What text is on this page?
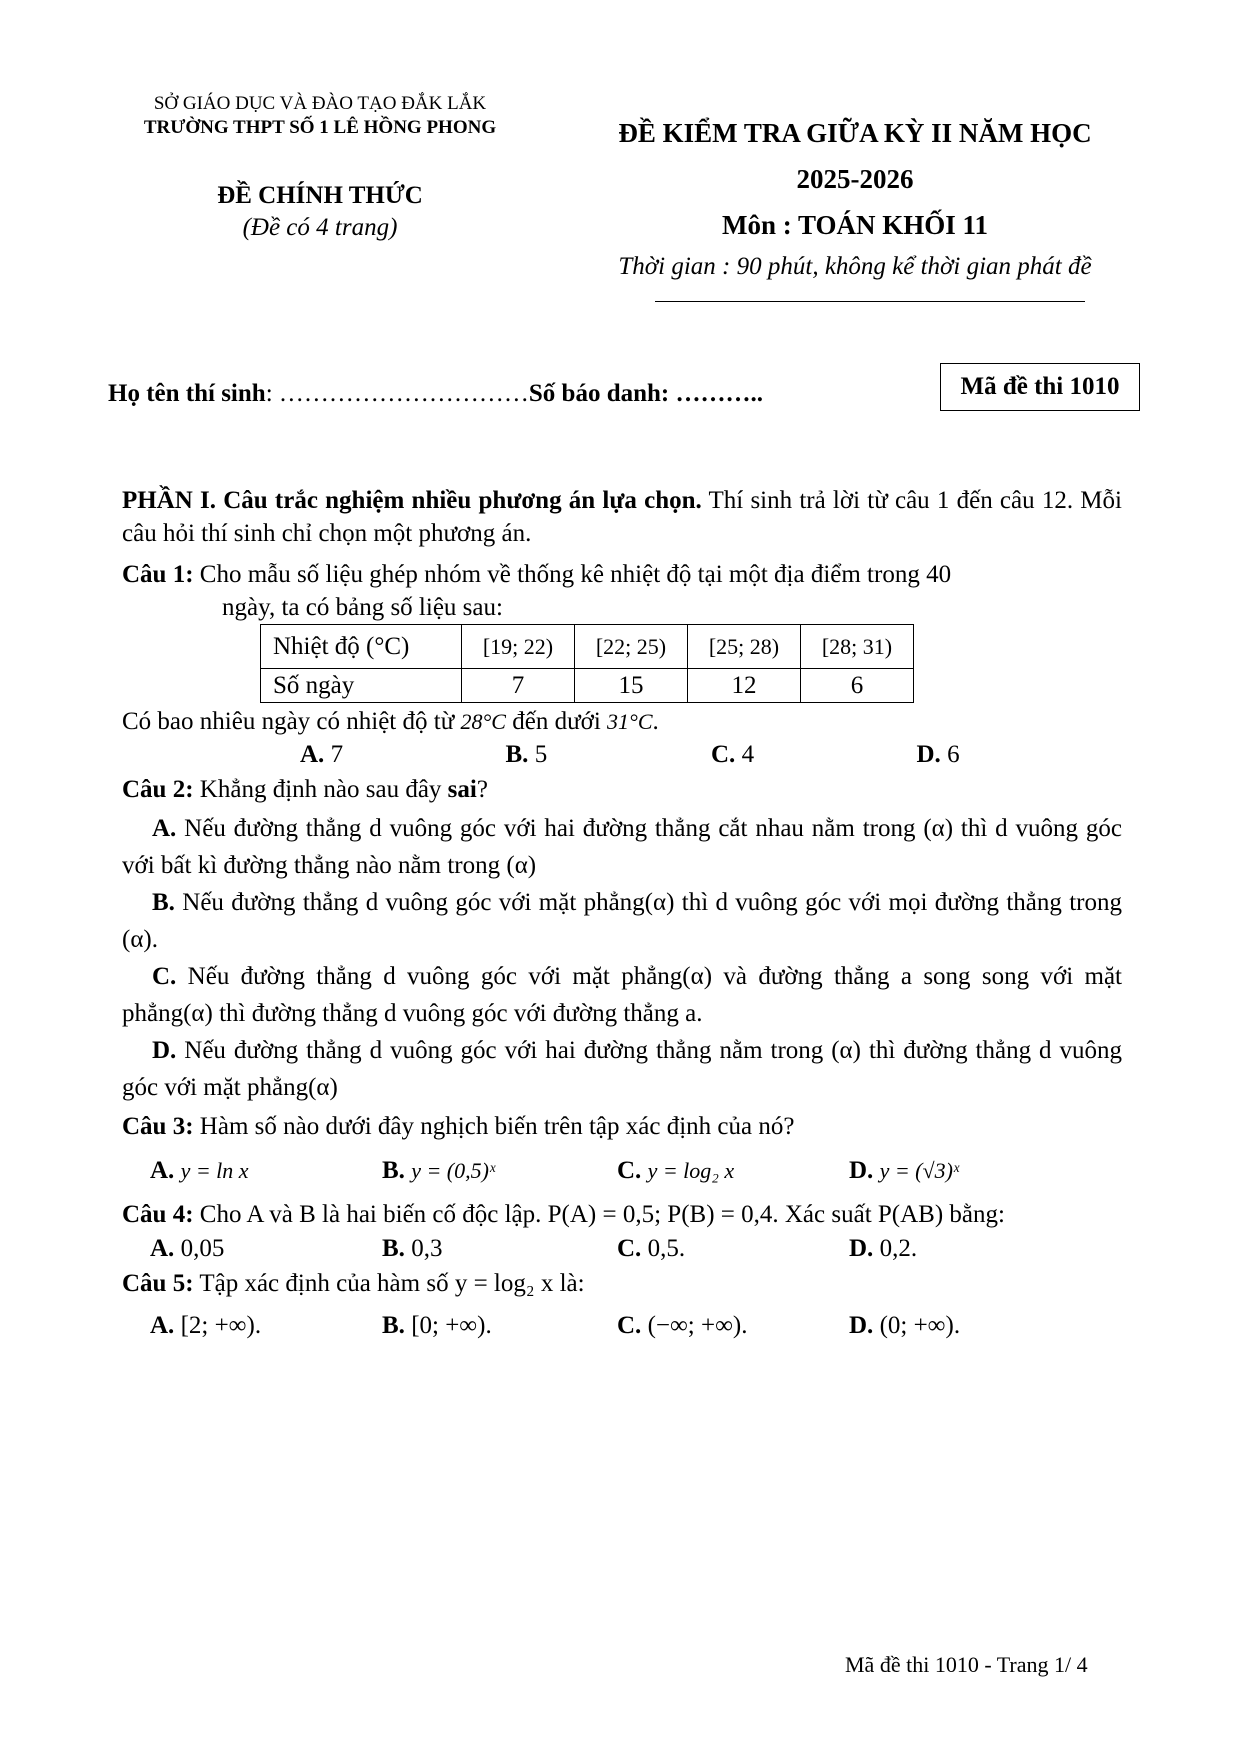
SỞ GIÁO DỤC VÀ ĐÀO TẠO ĐẮK LẮK
TRƯỜNG THPT SỐ 1 LÊ HỒNG PHONG
ĐỀ CHÍNH THỨC
(Đề có 4 trang)
ĐỀ KIỂM TRA GIỮA KỲ II NĂM HỌC
2025-2026
Môn : TOÁN KHỐI 11
Thời gian : 90 phút, không kể thời gian phát đề
Họ tên thí sinh: …………………………Số báo danh: ………..	Mã đề thi 1010

PHẦN I. Câu trắc nghiệm nhiều phương án lựa chọn. Thí sinh trả lời từ câu 1 đến câu 12. Mỗi câu hỏi thí sinh chỉ chọn một phương án.

Câu 1: Cho mẫu số liệu ghép nhóm về thống kê nhiệt độ tại một địa điểm trong 40

ngày, ta có bảng số liệu sau:

Nhiệt độ (°C)	[19; 22)	[22; 25)	[25; 28)	[28; 31)
Số ngày	7	15	12	6

Có bao nhiêu ngày có nhiệt độ từ 28°C đến dưới 31°C.

A. 7	B. 5	C. 4	D. 6

Câu 2: Khẳng định nào sau đây sai?

A. Nếu đường thẳng d vuông góc với hai đường thẳng cắt nhau nằm trong (α) thì d vuông góc với bất kì đường thẳng nào nằm trong (α)

B. Nếu đường thẳng d vuông góc với mặt phẳng(α) thì d vuông góc với mọi đường thẳng trong (α).

C. Nếu đường thẳng d vuông góc với mặt phẳng(α) và đường thẳng a song song với mặt phẳng(α) thì đường thẳng d vuông góc với đường thẳng a.

D. Nếu đường thẳng d vuông góc với hai đường thẳng nằm trong (α) thì đường thẳng d vuông góc với mặt phẳng(α)

Câu 3: Hàm số nào dưới đây nghịch biến trên tập xác định của nó?

A. y = ln x	B. y = (0,5)ˣ	C. y = log₂ x	D. y = (√3)ˣ

Câu 4: Cho A và B là hai biến cố độc lập. P(A) = 0,5; P(B) = 0,4. Xác suất P(AB) bằng:

A. 0,05	B. 0,3	C. 0,5.	D. 0,2.

Câu 5: Tập xác định của hàm số y = log₂ x là:

A. [2; +∞).	B. [0; +∞).	C. (−∞; +∞).	D. (0; +∞).
Mã đề thi 1010 - Trang 1/ 4
